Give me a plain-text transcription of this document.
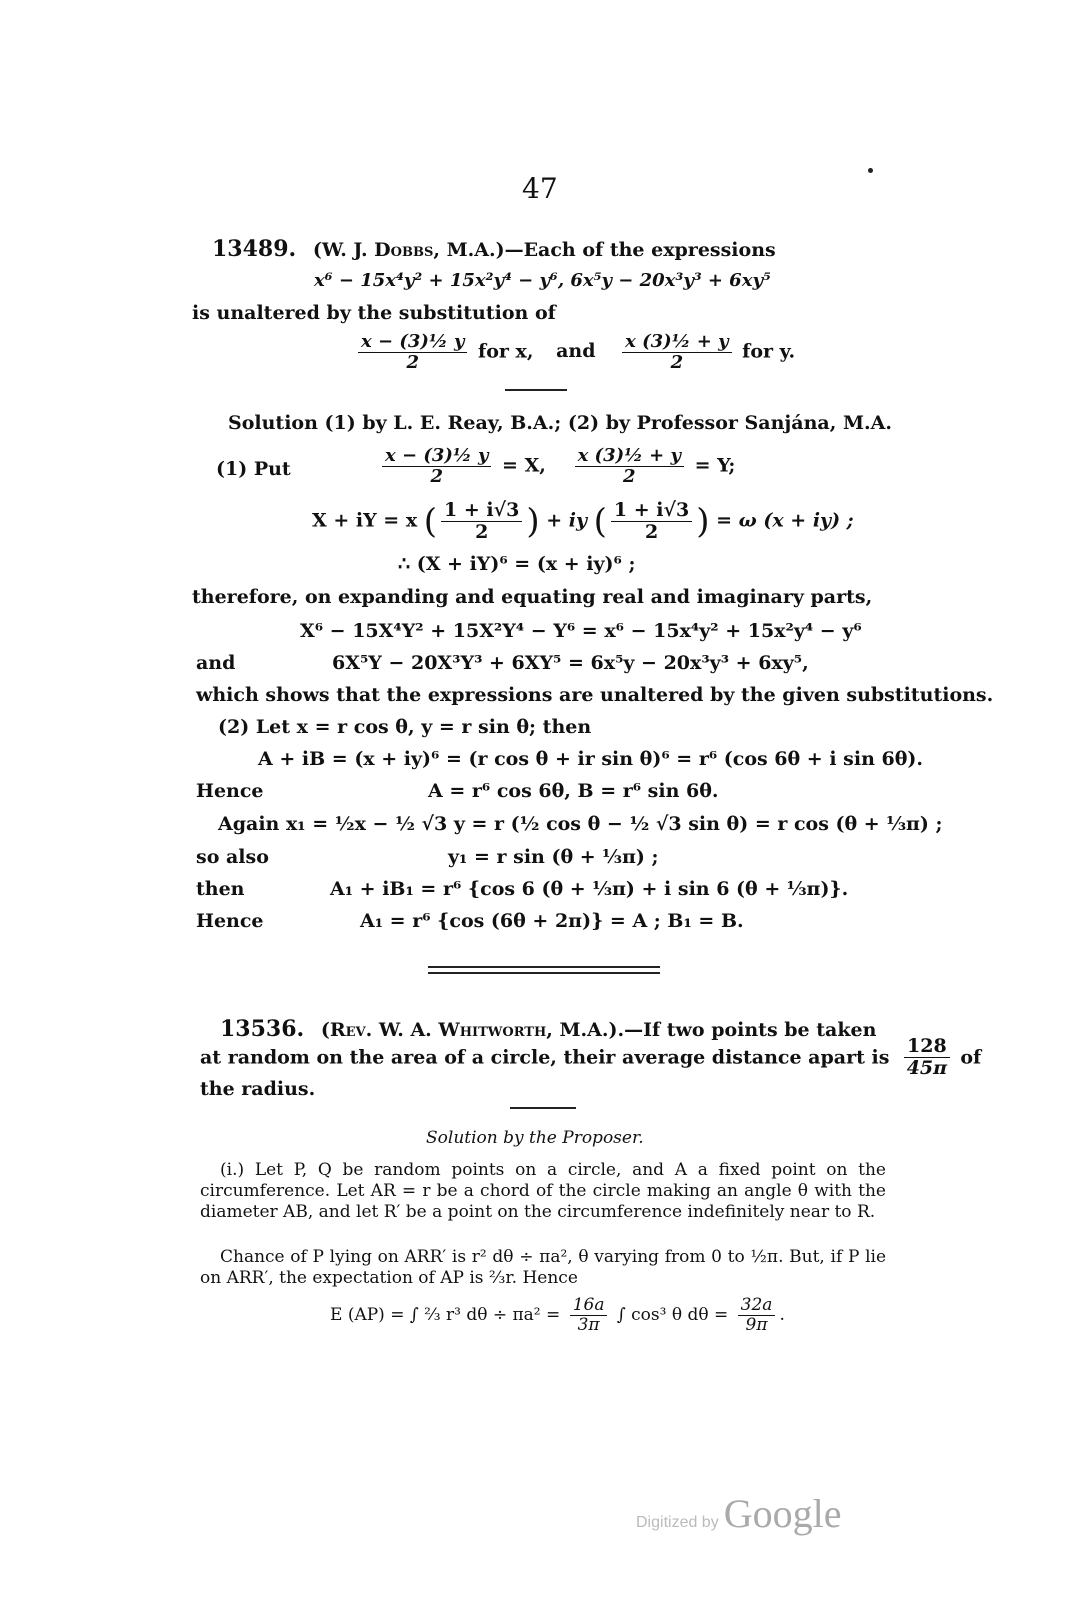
47
13489. (W. J. Dobbs, M.A.)—Each of the expressions
x⁶ − 15x⁴y² + 15x²y⁴ − y⁶, 6x⁵y − 20x³y³ + 6xy⁵
is unaltered by the substitution of
$\frac{\text{x − (3)½ y}}{2}$ for x, and $\frac{\text{x (3)½ + y}}{2}$ for y.
Solution (1) by L. E. Reay, B.A.; (2) by Professor Sanjána, M.A.
(1) Put	$\frac{\text{x − (3)½ y}}{2} = X$, $\frac{\text{x (3)½ + y}}{2} = Y$;
X + iY = x ( $\frac{1 + i√3}{2}$ ) + iy ( $\frac{1 + i√3}{2}$ ) = ω (x + iy) ;
∴ (X + iY)⁶ = (x + iy)⁶ ;
therefore, on expanding and equating real and imaginary parts,
X⁶ − 15X⁴Y² + 15X²Y⁴ − Y⁶ = x⁶ − 15x⁴y² + 15x²y⁴ − y⁶
and	6X⁵Y − 20X³Y³ + 6XY⁵ = 6x⁵y − 20x³y³ + 6xy⁵,
which shows that the expressions are unaltered by the given substitutions.
(2) Let x = r cos θ, y = r sin θ; then
A + iB = (x + iy)⁶ = (r cos θ + ir sin θ)⁶ = r⁶ (cos 6θ + i sin 6θ).
Hence	A = r⁶ cos 6θ, B = r⁶ sin 6θ.
Again x₁ = ½x − ½ √3 y = r (½ cos θ − ½ √3 sin θ) = r cos (θ + ⅓π) ;
so also	y₁ = r sin (θ + ⅓π) ;
then	A₁ + iB₁ = r⁶ {cos 6 (θ + ⅓π) + i sin 6 (θ + ⅓π)}.
Hence	A₁ = r⁶ {cos (6θ + 2π)} = A ; B₁ = B.
13536. (Rev. W. A. Whitworth, M.A.).—If two points be taken
at random on the area of a circle, their average distance apart is $\frac{128}{45\pi}$ of
the radius.
Solution by the Proposer.
(i.) Let P, Q be random points on a circle, and A a fixed point on the circumference. Let AR = r be a chord of the circle making an angle θ with the diameter AB, and let R′ be a point on the circumference indefinitely near to R.
Chance of P lying on ARR′ is r² dθ ÷ πa², θ varying from 0 to ½π. But, if P lie on ARR′, the expectation of AP is ⅔r. Hence
E (AP) = ∫ ⅔ r³ $d\theta \div \pi a^2 = \frac{16a}{3\pi}$ ∫ cos³ θ $d\theta = \frac{32a}{9\pi}$ .
Digitized by Google
